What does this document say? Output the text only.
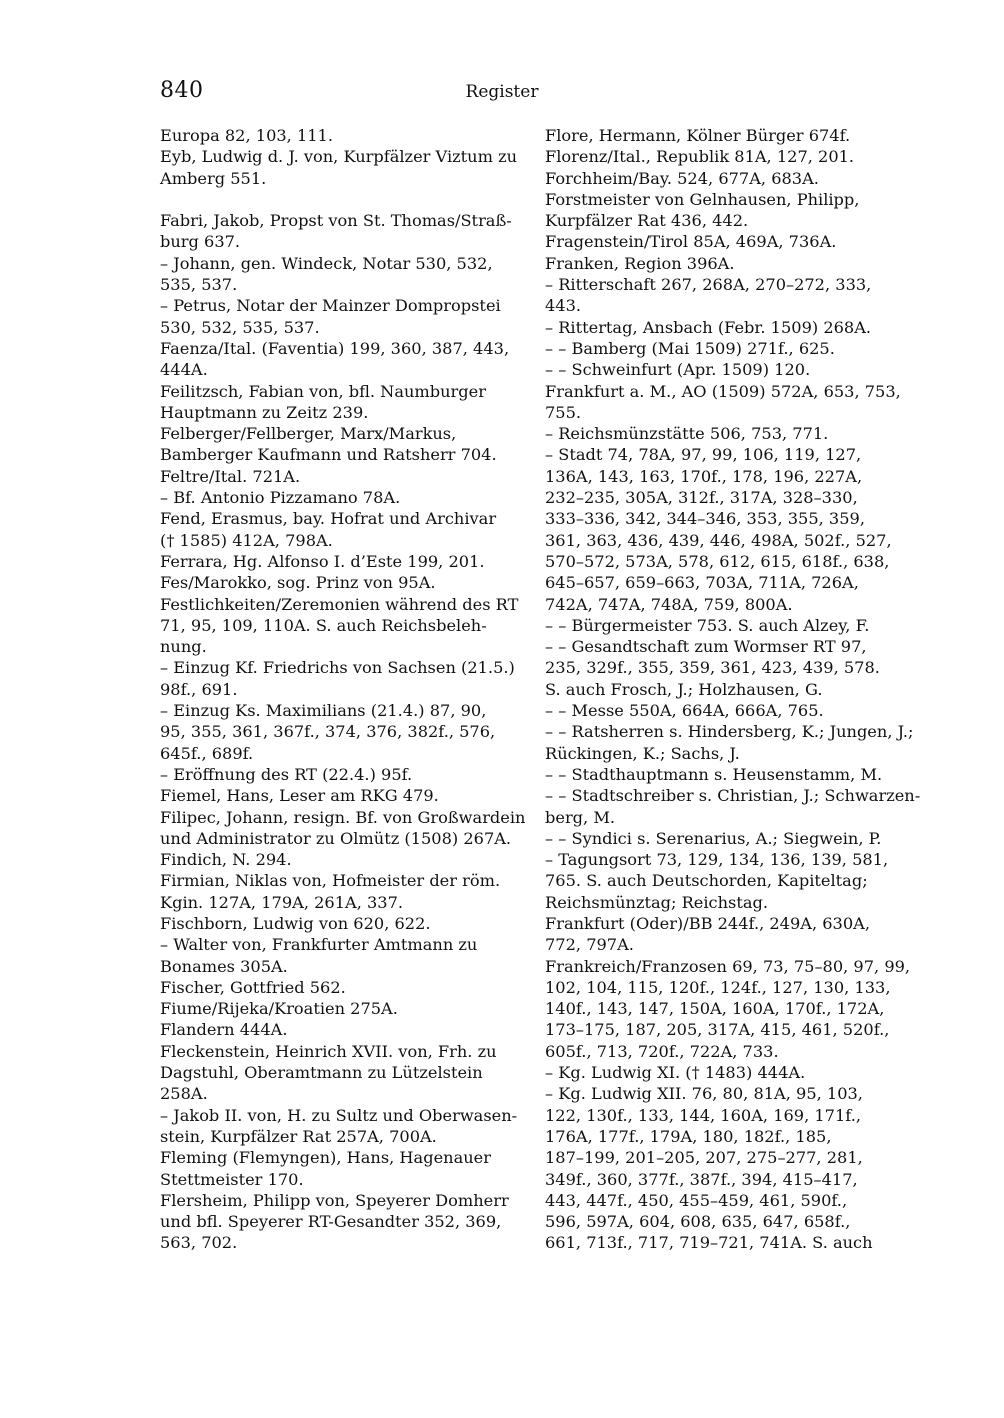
840	Register
Europa 82, 103, 111.
Eyb, Ludwig d. J. von, Kurpfälzer Viztum zu
Amberg 551.
Fabri, Jakob, Propst von St. Thomas/Straß-
burg 637.
– Johann, gen. Windeck, Notar 530, 532,
535, 537.
– Petrus, Notar der Mainzer Dompropstei
530, 532, 535, 537.
Faenza/Ital. (Faventia) 199, 360, 387, 443,
444A.
Feilitzsch, Fabian von, bfl. Naumburger
Hauptmann zu Zeitz 239.
Felberger/Fellberger, Marx/Markus,
Bamberger Kaufmann und Ratsherr 704.
Feltre/Ital. 721A.
– Bf. Antonio Pizzamano 78A.
Fend, Erasmus, bay. Hofrat und Archivar
(† 1585) 412A, 798A.
Ferrara, Hg. Alfonso I. d’Este 199, 201.
Fes/Marokko, sog. Prinz von 95A.
Festlichkeiten/Zeremonien während des RT
71, 95, 109, 110A. S. auch Reichsbeleh-
nung.
– Einzug Kf. Friedrichs von Sachsen (21.5.)
98f., 691.
– Einzug Ks. Maximilians (21.4.) 87, 90,
95, 355, 361, 367f., 374, 376, 382f., 576,
645f., 689f.
– Eröffnung des RT (22.4.) 95f.
Fiemel, Hans, Leser am RKG 479.
Filipec, Johann, resign. Bf. von Großwardein
und Administrator zu Olmütz (1508) 267A.
Findich, N. 294.
Firmian, Niklas von, Hofmeister der röm.
Kgin. 127A, 179A, 261A, 337.
Fischborn, Ludwig von 620, 622.
– Walter von, Frankfurter Amtmann zu
Bonames 305A.
Fischer, Gottfried 562.
Fiume/Rijeka/Kroatien 275A.
Flandern 444A.
Fleckenstein, Heinrich XVII. von, Frh. zu
Dagstuhl, Oberamtmann zu Lützelstein
258A.
– Jakob II. von, H. zu Sultz und Oberwasen-
stein, Kurpfälzer Rat 257A, 700A.
Fleming (Flemyngen), Hans, Hagenauer
Stettmeister 170.
Flersheim, Philipp von, Speyerer Domherr
und bfl. Speyerer RT-Gesandter 352, 369,
563, 702.
Flore, Hermann, Kölner Bürger 674f.
Florenz/Ital., Republik 81A, 127, 201.
Forchheim/Bay. 524, 677A, 683A.
Forstmeister von Gelnhausen, Philipp,
Kurpfälzer Rat 436, 442.
Fragenstein/Tirol 85A, 469A, 736A.
Franken, Region 396A.
– Ritterschaft 267, 268A, 270–272, 333,
443.
– Rittertag, Ansbach (Febr. 1509) 268A.
– – Bamberg (Mai 1509) 271f., 625.
– – Schweinfurt (Apr. 1509) 120.
Frankfurt a. M., AO (1509) 572A, 653, 753,
755.
– Reichsmünzstätte 506, 753, 771.
– Stadt 74, 78A, 97, 99, 106, 119, 127,
136A, 143, 163, 170f., 178, 196, 227A,
232–235, 305A, 312f., 317A, 328–330,
333–336, 342, 344–346, 353, 355, 359,
361, 363, 436, 439, 446, 498A, 502f., 527,
570–572, 573A, 578, 612, 615, 618f., 638,
645–657, 659–663, 703A, 711A, 726A,
742A, 747A, 748A, 759, 800A.
– – Bürgermeister 753. S. auch Alzey, F.
– – Gesandtschaft zum Wormser RT 97,
235, 329f., 355, 359, 361, 423, 439, 578.
S. auch Frosch, J.; Holzhausen, G.
– – Messe 550A, 664A, 666A, 765.
– – Ratsherren s. Hindersberg, K.; Jungen, J.;
Rückingen, K.; Sachs, J.
– – Stadthauptmann s. Heusenstamm, M.
– – Stadtschreiber s. Christian, J.; Schwarzen-
berg, M.
– – Syndici s. Serenarius, A.; Siegwein, P.
– Tagungsort 73, 129, 134, 136, 139, 581,
765. S. auch Deutschorden, Kapiteltag;
Reichsmünztag; Reichstag.
Frankfurt (Oder)/BB 244f., 249A, 630A,
772, 797A.
Frankreich/Franzosen 69, 73, 75–80, 97, 99,
102, 104, 115, 120f., 124f., 127, 130, 133,
140f., 143, 147, 150A, 160A, 170f., 172A,
173–175, 187, 205, 317A, 415, 461, 520f.,
605f., 713, 720f., 722A, 733.
– Kg. Ludwig XI. († 1483) 444A.
– Kg. Ludwig XII. 76, 80, 81A, 95, 103,
122, 130f., 133, 144, 160A, 169, 171f.,
176A, 177f., 179A, 180, 182f., 185,
187–199, 201–205, 207, 275–277, 281,
349f., 360, 377f., 387f., 394, 415–417,
443, 447f., 450, 455–459, 461, 590f.,
596, 597A, 604, 608, 635, 647, 658f.,
661, 713f., 717, 719–721, 741A. S. auch
